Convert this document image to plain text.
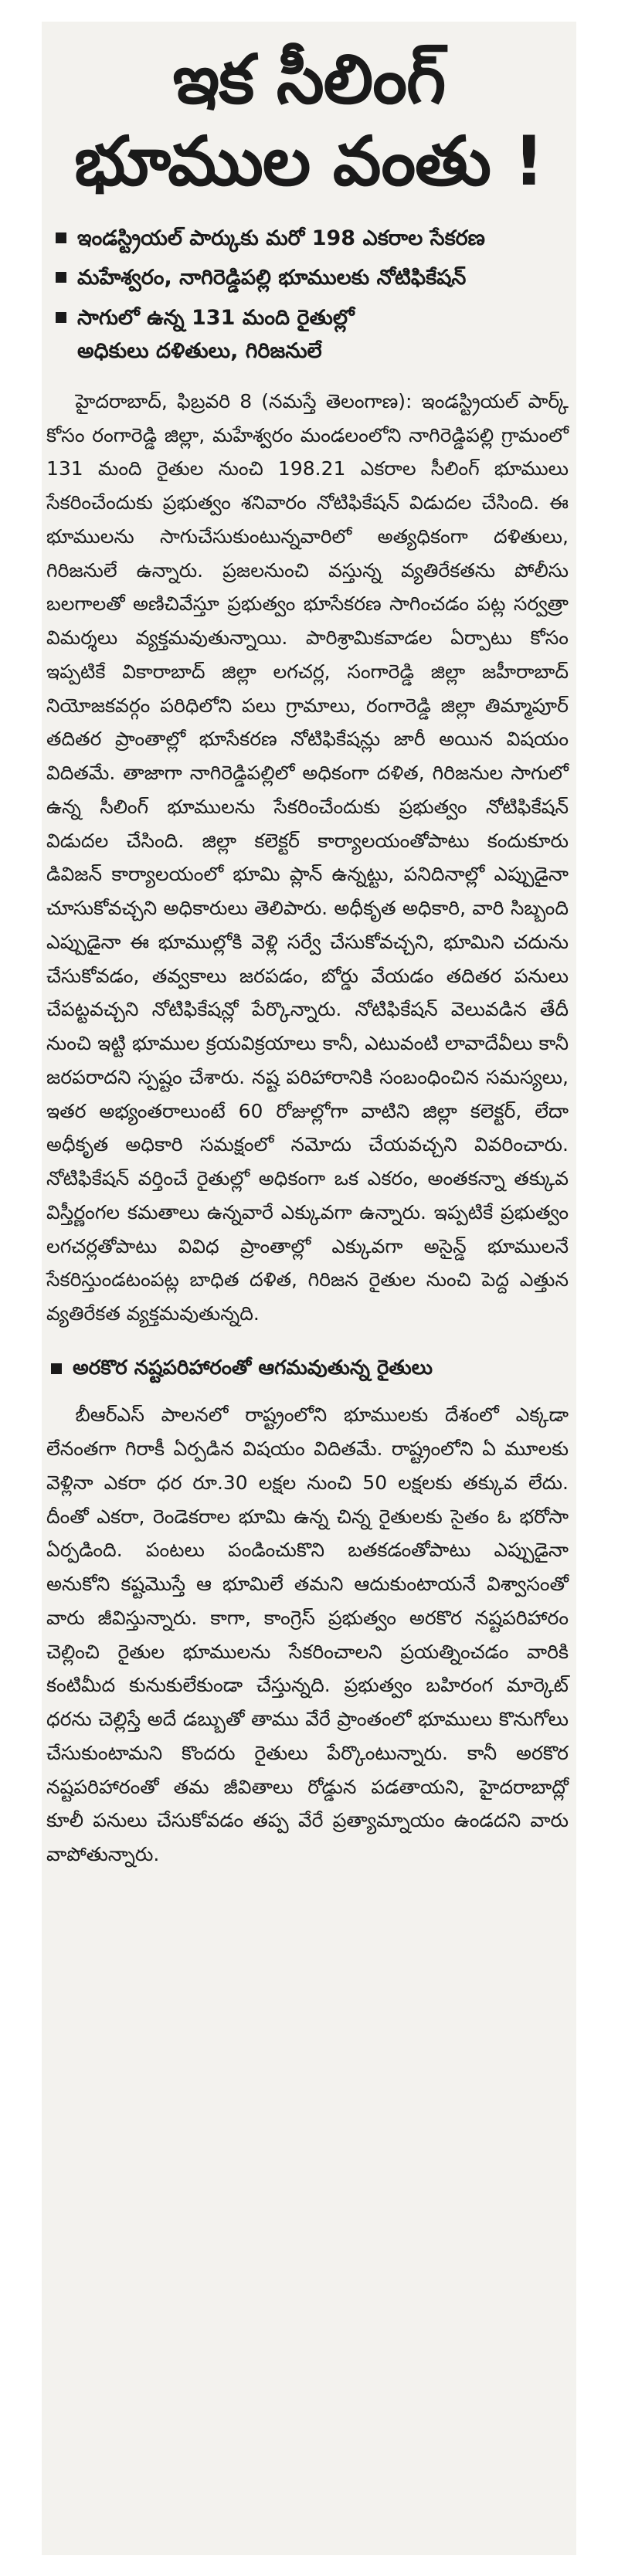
ఇక సీలింగ్
భూముల వంతు !
ఇండస్ట్రియల్ పార్కుకు మరో 198 ఎకరాల సేకరణ
మహేశ్వరం, నాగిరెడ్డిపల్లి భూములకు నోటిఫికేషన్
సాగులో ఉన్న 131 మంది రైతుల్లో
అధికులు దళితులు, గిరిజనులే

హైదరాబాద్, ఫిబ్రవరి 8 (నమస్తే తెలంగాణ): ఇండస్ట్రియల్ పార్క్ కోసం రంగారెడ్డి జిల్లా, మహేశ్వరం మండలంలోని నాగిరెడ్డిపల్లి గ్రామంలో 131 మంది రైతుల నుంచి 198.21 ఎకరాల సీలింగ్ భూములు సేకరించేందుకు ప్రభుత్వం శనివారం నోటిఫికేషన్ విడుదల చేసింది. ఈ భూములను సాగుచేసుకుంటున్నవారిలో అత్యధికంగా దళితులు, గిరిజనులే ఉన్నారు. ప్రజలనుంచి వస్తున్న వ్యతిరేకతను పోలీసు బలగాలతో అణిచివేస్తూ ప్రభుత్వం భూసేకరణ సాగించడం పట్ల సర్వత్రా విమర్శలు వ్యక్తమవుతున్నాయి. పారిశ్రామికవాడల ఏర్పాటు కోసం ఇప్పటికే వికారాబాద్ జిల్లా లగచర్ల, సంగారెడ్డి జిల్లా జహీరాబాద్ నియోజకవర్గం పరిధిలోని పలు గ్రామాలు, రంగారెడ్డి జిల్లా తిమ్మాపూర్ తదితర ప్రాంతాల్లో భూసేకరణ నోటిఫికేషన్లు జారీ అయిన విషయం విదితమే. తాజాగా నాగిరెడ్డిపల్లిలో అధికంగా దళిత, గిరిజనుల సాగులో ఉన్న సీలింగ్ భూములను సేకరించేందుకు ప్రభుత్వం నోటిఫికేషన్ విడుదల చేసింది. జిల్లా కలెక్టర్ కార్యాలయంతోపాటు కందుకూరు డివిజన్ కార్యాలయంలో భూమి ప్లాన్ ఉన్నట్టు, పనిదినాల్లో ఎప్పుడైనా చూసుకోవచ్చని అధికారులు తెలిపారు. అధీకృత అధికారి, వారి సిబ్బంది ఎప్పుడైనా ఈ భూముల్లోకి వెళ్లి సర్వే చేసుకోవచ్చని, భూమిని చదును చేసుకోవడం, తవ్వకాలు జరపడం, బోర్డు వేయడం తదితర పనులు చేపట్టవచ్చని నోటిఫికేషన్లో పేర్కొన్నారు. నోటిఫికేషన్ వెలువడిన తేదీ నుంచి ఇట్టి భూముల క్రయవిక్రయాలు కానీ, ఎటువంటి లావాదేవీలు కానీ జరపరాదని స్పష్టం చేశారు. నష్ట పరిహారానికి సంబంధించిన సమస్యలు, ఇతర అభ్యంతరాలుంటే 60 రోజుల్లోగా వాటిని జిల్లా కలెక్టర్, లేదా అధీకృత అధికారి సమక్షంలో నమోదు చేయవచ్చని వివరించారు. నోటిఫికేషన్ వర్తించే రైతుల్లో అధికంగా ఒక ఎకరం, అంతకన్నా తక్కువ విస్తీర్ణంగల కమతాలు ఉన్నవారే ఎక్కువగా ఉన్నారు. ఇప్పటికే ప్రభుత్వం లగచర్లతోపాటు వివిధ ప్రాంతాల్లో ఎక్కువగా అసైన్డ్ భూములనే సేకరిస్తుండటంపట్ల బాధిత దళిత, గిరిజన రైతుల నుంచి పెద్ద ఎత్తున వ్యతిరేకత వ్యక్తమవుతున్నది.

అరకొర నష్టపరిహారంతో ఆగమవుతున్న రైతులు

బీఆర్ఎస్ పాలనలో రాష్ట్రంలోని భూములకు దేశంలో ఎక్కడా లేనంతగా గిరాకీ ఏర్పడిన విషయం విదితమే. రాష్ట్రంలోని ఏ మూలకు వెళ్లినా ఎకరా ధర రూ.30 లక్షల నుంచి 50 లక్షలకు తక్కువ లేదు. దీంతో ఎకరా, రెండెకరాల భూమి ఉన్న చిన్న రైతులకు సైతం ఓ భరోసా ఏర్పడింది. పంటలు పండించుకొని బతకడంతోపాటు ఎప్పుడైనా అనుకోని కష్టమొస్తే ఆ భూమిలే తమని ఆదుకుంటాయనే విశ్వాసంతో వారు జీవిస్తున్నారు. కాగా, కాంగ్రెస్ ప్రభుత్వం అరకొర నష్టపరిహారం చెల్లించి రైతుల భూములను సేకరించాలని ప్రయత్నించడం వారికి కంటిమీద కునుకులేకుండా చేస్తున్నది. ప్రభుత్వం బహిరంగ మార్కెట్ ధరను చెల్లిస్తే అదే డబ్బుతో తాము వేరే ప్రాంతంలో భూములు కొనుగోలు చేసుకుంటామని కొందరు రైతులు పేర్కొంటున్నారు. కానీ అరకొర నష్టపరిహారంతో తమ జీవితాలు రోడ్డున పడతాయని, హైదరాబాద్లో కూలీ పనులు చేసుకోవడం తప్ప వేరే ప్రత్యామ్నాయం ఉండదని వారు వాపోతున్నారు.
